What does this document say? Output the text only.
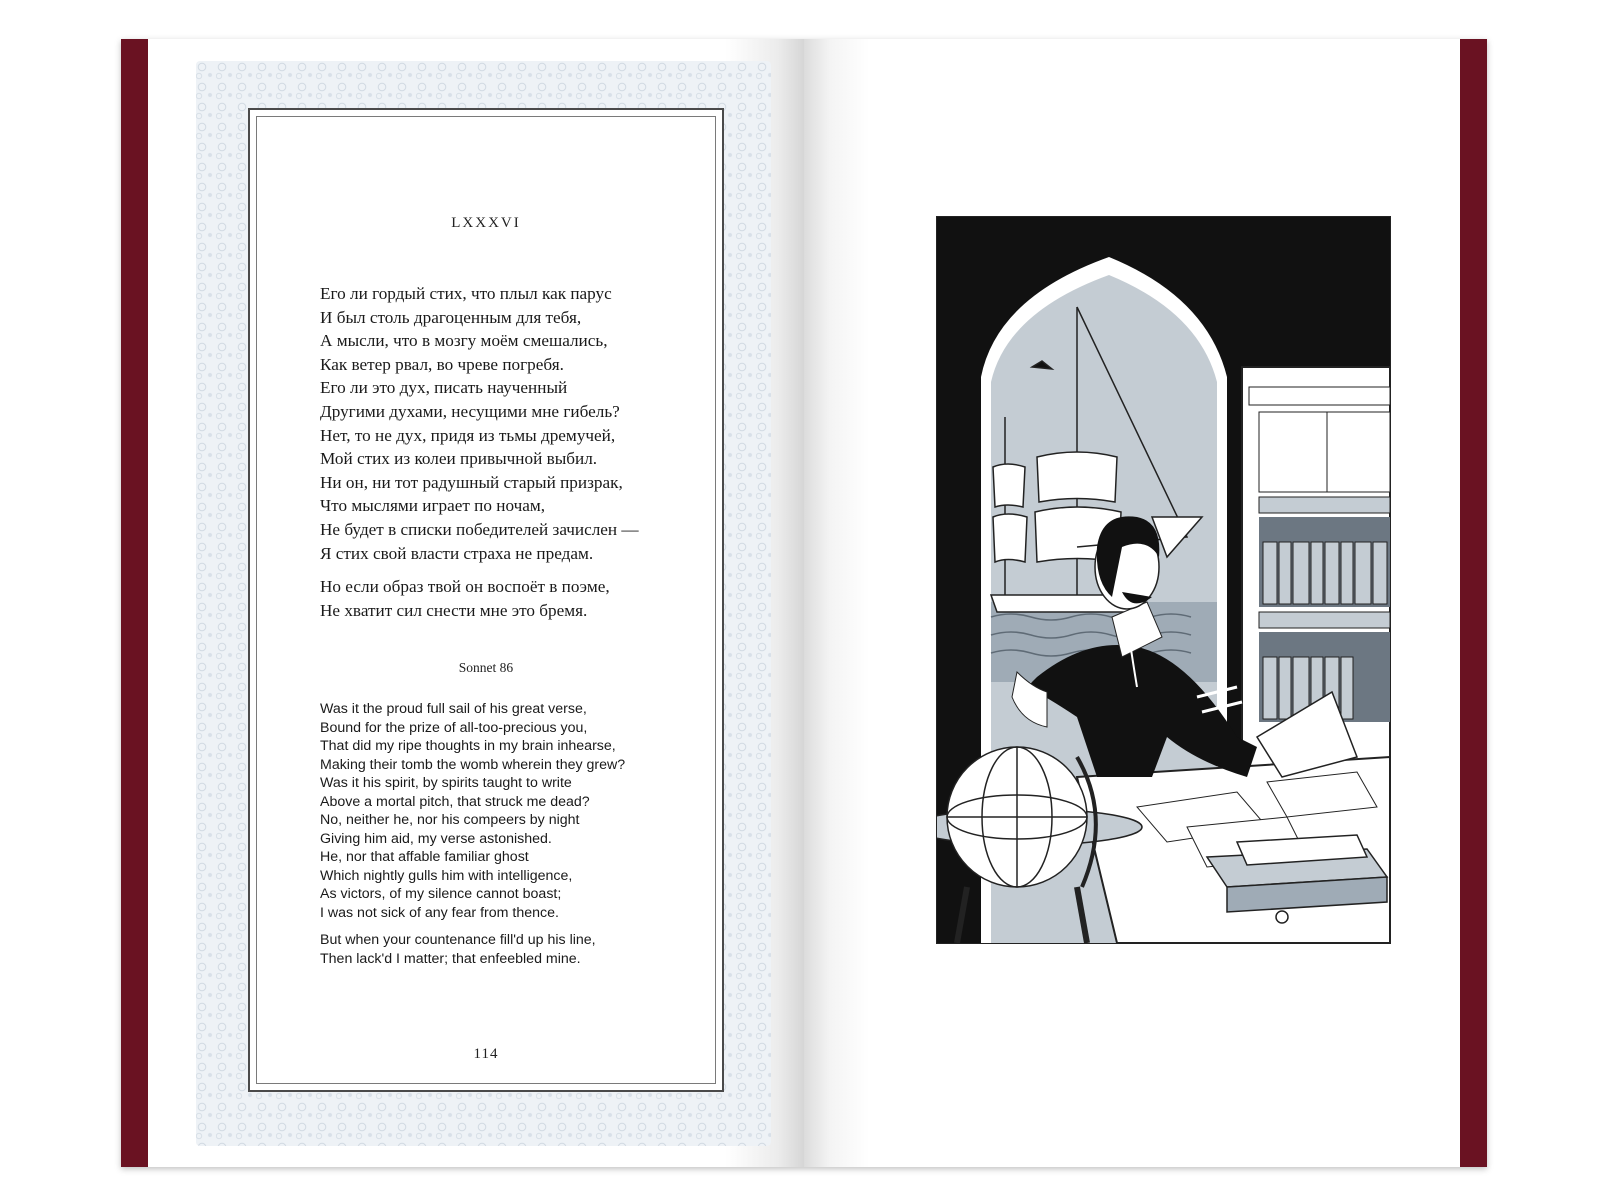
LXXXVI
Его ли гордый стих, что плыл как парус
И был столь драгоценным для тебя,
А мысли, что в мозгу моём смешались,
Как ветер рвал, во чреве погребя.
Его ли это дух, писать наученный
Другими духами, несущими мне гибель?
Нет, то не дух, придя из тьмы дремучей,
Мой стих из колеи привычной выбил.
Ни он, ни тот радушный старый призрак,
Что мыслями играет по ночам,
Не будет в списки победителей зачислен —
Я стих свой власти страха не предам.
Но если образ твой он воспоёт в поэме,
Не хватит сил снести мне это бремя.
Sonnet 86
Was it the proud full sail of his great verse,
Bound for the prize of all-too-precious you,
That did my ripe thoughts in my brain inhearse,
Making their tomb the womb wherein they grew?
Was it his spirit, by spirits taught to write
Above a mortal pitch, that struck me dead?
No, neither he, nor his compeers by night
Giving him aid, my verse astonished.
He, nor that affable familiar ghost
Which nightly gulls him with intelligence,
As victors, of my silence cannot boast;
I was not sick of any fear from thence.
But when your countenance fill'd up his line,
Then lack'd I matter; that enfeebled mine.
114
